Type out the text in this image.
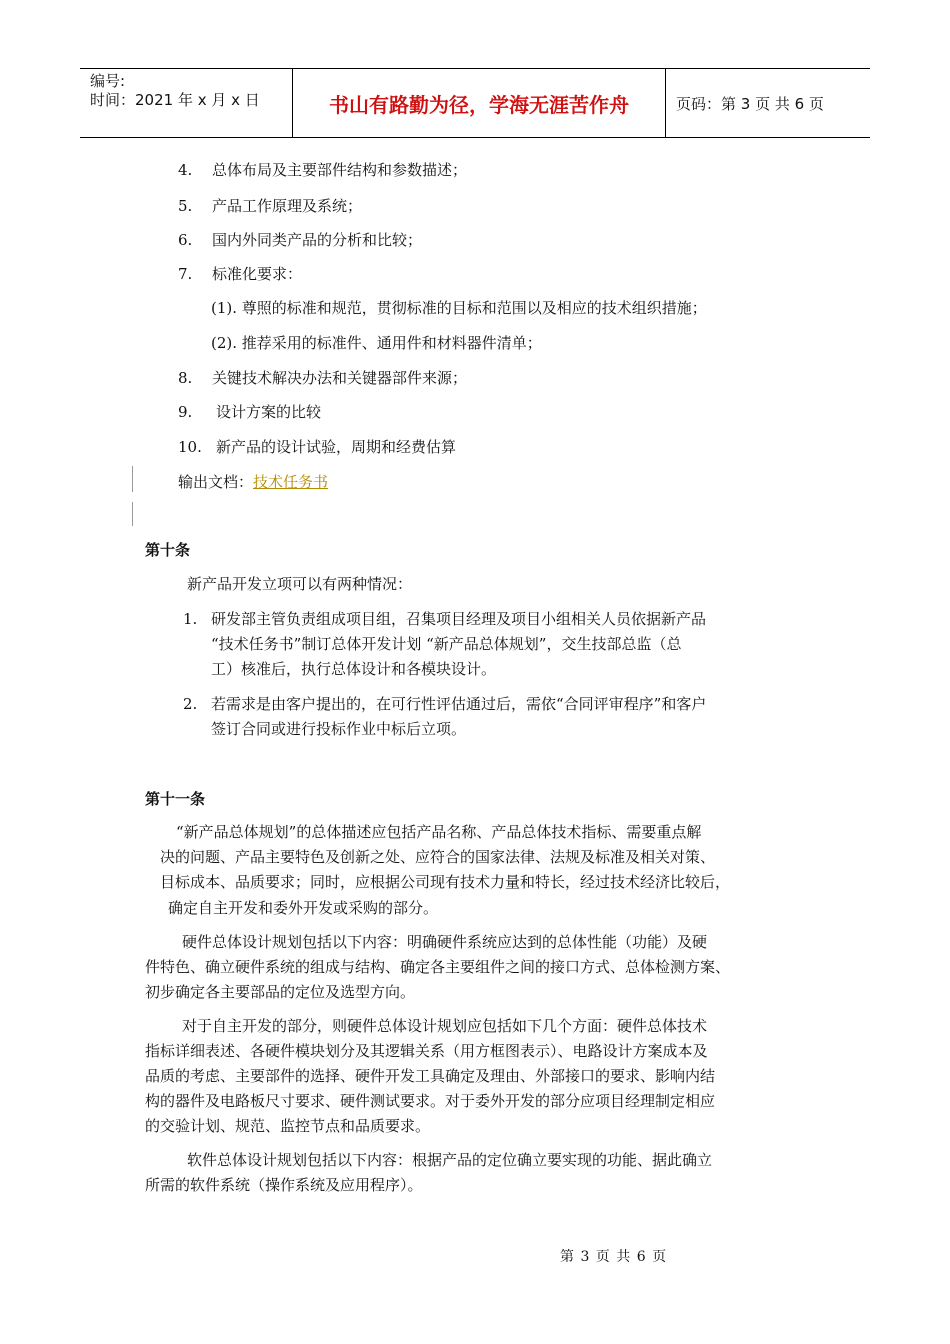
编号:
时间：2021 年 x 月 x 日	书山有路勤为径，学海无涯苦作舟	页码：第 3 页 共 6 页
4. 总体布局及主要部件结构和参数描述；
5. 产品工作原理及系统；
6. 国内外同类产品的分析和比较；
7. 标准化要求：
(1). 尊照的标准和规范，贯彻标准的目标和范围以及相应的技术组织措施；
(2). 推荐采用的标准件、通用件和材料器件清单；
8. 关键技术解决办法和关键器部件来源；
9. 设计方案的比较
10. 新产品的设计试验，周期和经费估算
输出文档：技术任务书
第十条
新产品开发立项可以有两种情况：
1. 研发部主管负责组成项目组，召集项目经理及项目小组相关人员依据新产品
“技术任务书”制订总体开发计划 “新产品总体规划”，交生技部总监（总
工）核准后，执行总体设计和各模块设计。
2. 若需求是由客户提出的，在可行性评估通过后，需依“合同评审程序”和客户
签订合同或进行投标作业中标后立项。
第十一条
“新产品总体规划”的总体描述应包括产品名称、产品总体技术指标、需要重点解
决的问题、产品主要特色及创新之处、应符合的国家法律、法规及标准及相关对策、
目标成本、品质要求；同时，应根据公司现有技术力量和特长，经过技术经济比较后，
确定自主开发和委外开发或采购的部分。
硬件总体设计规划包括以下内容：明确硬件系统应达到的总体性能（功能）及硬
件特色、确立硬件系统的组成与结构、确定各主要组件之间的接口方式、总体检测方案、
初步确定各主要部品的定位及选型方向。
对于自主开发的部分，则硬件总体设计规划应包括如下几个方面：硬件总体技术
指标详细表述、各硬件模块划分及其逻辑关系（用方框图表示）、电路设计方案成本及
品质的考虑、主要部件的选择、硬件开发工具确定及理由、外部接口的要求、影响内结
构的器件及电路板尺寸要求、硬件测试要求。对于委外开发的部分应项目经理制定相应
的交验计划、规范、监控节点和品质要求。
软件总体设计规划包括以下内容：根据产品的定位确立要实现的功能、据此确立
所需的软件系统（操作系统及应用程序）。
第 3 页 共 6 页
